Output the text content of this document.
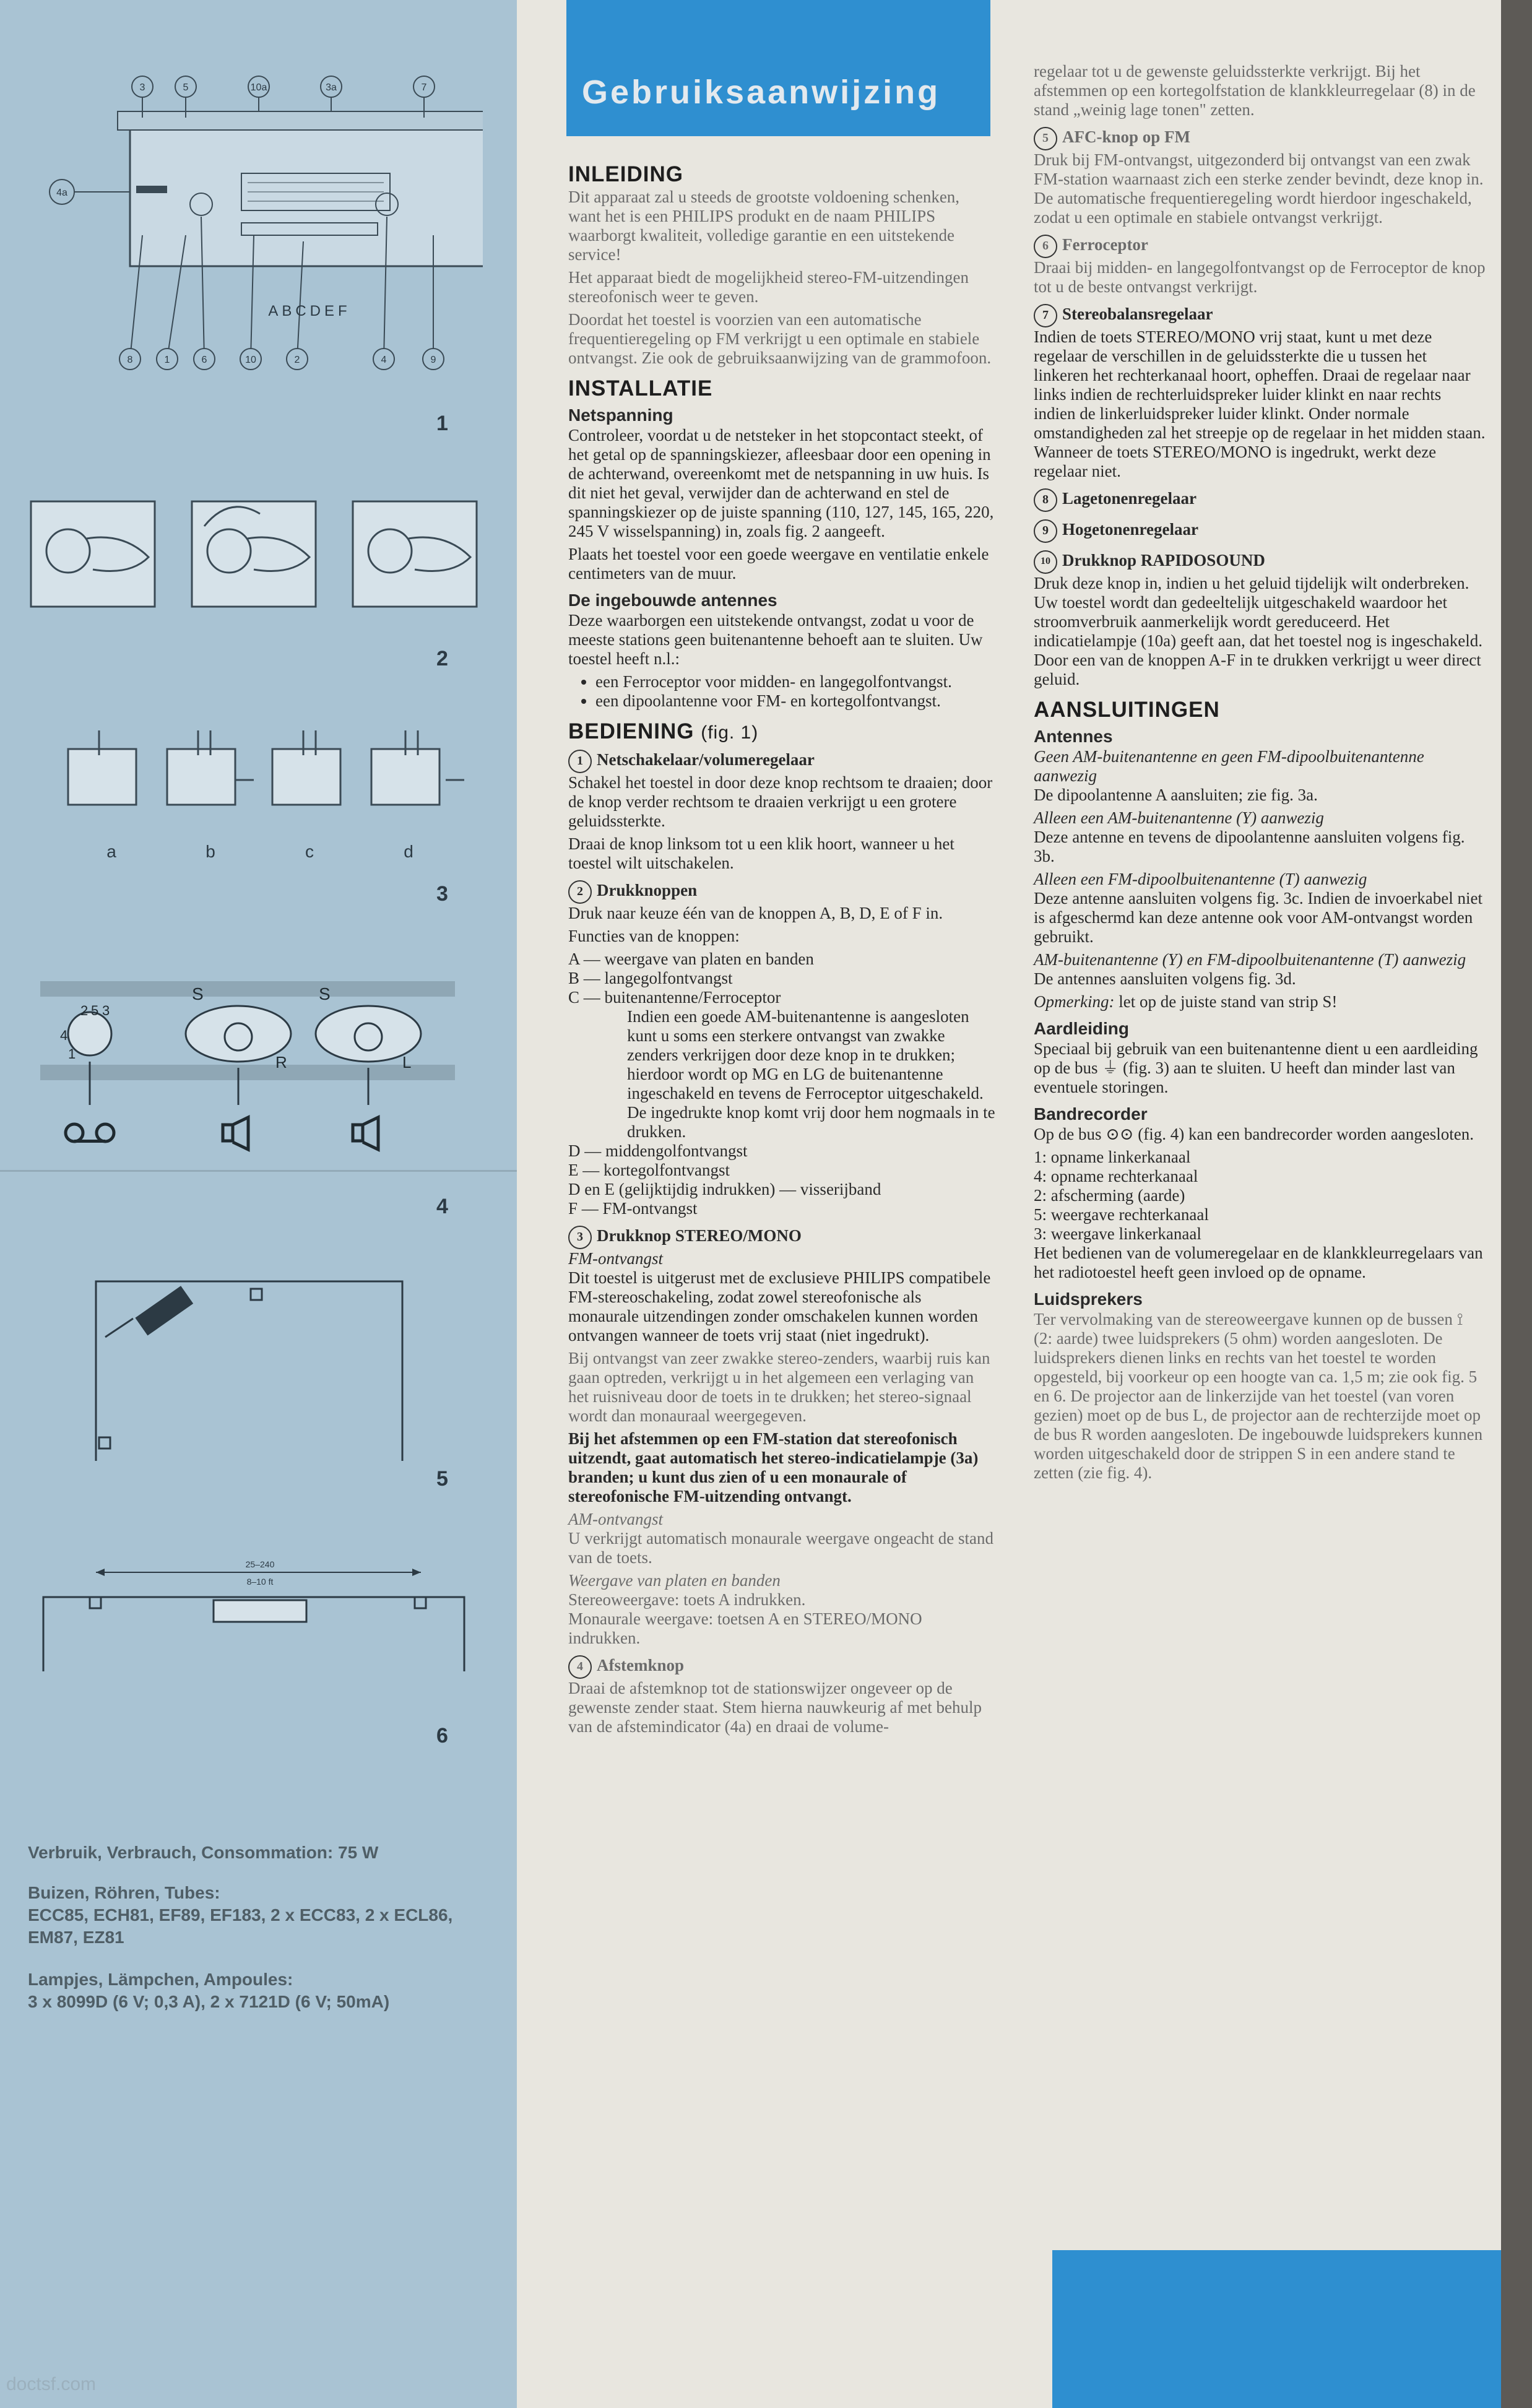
3	5	10a	3a	7
8	1	6	10	2	4	9
4a
ABCDEF
1
2
a	b	c	d
3
4
2 5 3
1
S	S
R	L
4
5
25–240
8–10 ft
6
Verbruik, Verbrauch, Consommation: 75 W
Buizen, Röhren, Tubes:
ECC85, ECH81, EF89, EF183, 2 x ECC83, 2 x ECL86, EM87, EZ81
Lampjes, Lämpchen, Ampoules:
3 x 8099D (6 V; 0,3 A), 2 x 7121D (6 V; 50mA)
doctsf.com
Gebruiksaanwijzing
INLEIDING
Dit apparaat zal u steeds de grootste voldoening schenken, want het is een PHILIPS produkt en de naam PHILIPS waarborgt kwaliteit, volledige garantie en een uitstekende service!
Het apparaat biedt de mogelijkheid stereo-FM-uitzendingen stereofonisch weer te geven.
Doordat het toestel is voorzien van een automatische frequentieregeling op FM verkrijgt u een optimale en stabiele ontvangst. Zie ook de gebruiksaanwijzing van de grammofoon.
INSTALLATIE
Netspanning
Controleer, voordat u de netsteker in het stopcontact steekt, of het getal op de spanningskiezer, afleesbaar door een opening in de achterwand, overeenkomt met de netspanning in uw huis. Is dit niet het geval, verwijder dan de achterwand en stel de spanningskiezer op de juiste spanning (110, 127, 145, 165, 220, 245 V wisselspanning) in, zoals fig. 2 aangeeft.
Plaats het toestel voor een goede weergave en ventilatie enkele centimeters van de muur.
De ingebouwde antennes
Deze waarborgen een uitstekende ontvangst, zodat u voor de meeste stations geen buitenantenne behoeft aan te sluiten. Uw toestel heeft n.l.:
• een Ferroceptor voor midden- en langegolfontvangst.
• een dipoolantenne voor FM- en kortegolfontvangst.
BEDIENING (fig. 1)
1 Netschakelaar/volumeregelaar
Schakel het toestel in door deze knop rechtsom te draaien; door de knop verder rechtsom te draaien verkrijgt u een grotere geluidssterkte.
Draai de knop linksom tot u een klik hoort, wanneer u het toestel wilt uitschakelen.
2 Drukknoppen
Druk naar keuze één van de knoppen A, B, D, E of F in.
Functies van de knoppen:
A — weergave van platen en banden
B — langegolfontvangst
C — buitenantenne/Ferroceptor
Indien een goede AM-buitenantenne is aangesloten kunt u soms een sterkere ontvangst van zwakke zenders verkrijgen door deze knop in te drukken; hierdoor wordt op MG en LG de buitenantenne ingeschakeld en tevens de Ferroceptor uitgeschakeld. De ingedrukte knop komt vrij door hem nogmaals in te drukken.
D — middengolfontvangst
E — kortegolfontvangst
D en E (gelijktijdig indrukken) — visserijband
F — FM-ontvangst
3 Drukknop STEREO/MONO
FM-ontvangst
Dit toestel is uitgerust met de exclusieve PHILIPS compatibele FM-stereoschakeling, zodat zowel stereofonische als monaurale uitzendingen zonder omschakelen kunnen worden ontvangen wanneer de toets vrij staat (niet ingedrukt).
Bij ontvangst van zeer zwakke stereo-zenders, waarbij ruis kan gaan optreden, verkrijgt u in het algemeen een verlaging van het ruisniveau door de toets in te drukken; het stereo-signaal wordt dan monauraal weergegeven.
Bij het afstemmen op een FM-station dat stereofonisch uitzendt, gaat automatisch het stereo-indicatielampje (3a) branden; u kunt dus zien of u een monaurale of stereofonische FM-uitzending ontvangt.
AM-ontvangst
U verkrijgt automatisch monaurale weergave ongeacht de stand van de toets.
Weergave van platen en banden
Stereoweergave: toets A indrukken.
Monaurale weergave: toetsen A en STEREO/MONO indrukken.
4 Afstemknop
Draai de afstemknop tot de stationswijzer ongeveer op de gewenste zender staat. Stem hierna nauwkeurig af met behulp van de afstemindicator (4a) en draai de volume-
regelaar tot u de gewenste geluidssterkte verkrijgt. Bij het afstemmen op een kortegolfstation de klankkleurregelaar (8) in de stand „weinig lage tonen" zetten.
5 AFC-knop op FM
Druk bij FM-ontvangst, uitgezonderd bij ontvangst van een zwak FM-station waarnaast zich een sterke zender bevindt, deze knop in. De automatische frequentieregeling wordt hierdoor ingeschakeld, zodat u een optimale en stabiele ontvangst verkrijgt.
6 Ferroceptor
Draai bij midden- en langegolfontvangst op de Ferroceptor de knop tot u de beste ontvangst verkrijgt.
7 Stereobalansregelaar
Indien de toets STEREO/MONO vrij staat, kunt u met deze regelaar de verschillen in de geluidssterkte die u tussen het linkeren het rechterkanaal hoort, opheffen. Draai de regelaar naar links indien de rechterluidspreker luider klinkt en naar rechts indien de linkerluidspreker luider klinkt. Onder normale omstandigheden zal het streepje op de regelaar in het midden staan. Wanneer de toets STEREO/MONO is ingedrukt, werkt deze regelaar niet.
8 Lagetonenregelaar
9 Hogetonenregelaar
10 Drukknop RAPIDOSOUND
Druk deze knop in, indien u het geluid tijdelijk wilt onderbreken. Uw toestel wordt dan gedeeltelijk uitgeschakeld waardoor het stroomverbruik aanmerkelijk wordt gereduceerd. Het indicatielampje (10a) geeft aan, dat het toestel nog is ingeschakeld. Door een van de knoppen A-F in te drukken verkrijgt u weer direct geluid.
AANSLUITINGEN
Antennes
Geen AM-buitenantenne en geen FM-dipoolbuitenantenne aanwezig
De dipoolantenne A aansluiten; zie fig. 3a.
Alleen een AM-buitenantenne (Y) aanwezig
Deze antenne en tevens de dipoolantenne aansluiten volgens fig. 3b.
Alleen een FM-dipoolbuitenantenne (T) aanwezig
Deze antenne aansluiten volgens fig. 3c. Indien de invoerkabel niet is afgeschermd kan deze antenne ook voor AM-ontvangst worden gebruikt.
AM-buitenantenne (Y) en FM-dipoolbuitenantenne (T) aanwezig
De antennes aansluiten volgens fig. 3d.
Opmerking: let op de juiste stand van strip S!
Aardleiding
Speciaal bij gebruik van een buitenantenne dient u een aardleiding op de bus ⏚ (fig. 3) aan te sluiten. U heeft dan minder last van eventuele storingen.
Bandrecorder
Op de bus ⊙⊙ (fig. 4) kan een bandrecorder worden aangesloten.
1: opname linkerkanaal
4: opname rechterkanaal
2: afscherming (aarde)
5: weergave rechterkanaal
3: weergave linkerkanaal
Het bedienen van de volumeregelaar en de klankkleurregelaars van het radiotoestel heeft geen invloed op de opname.
Luidsprekers
Ter vervolmaking van de stereoweergave kunnen op de bussen ⟟ (2: aarde) twee luidsprekers (5 ohm) worden aangesloten. De luidsprekers dienen links en rechts van het toestel te worden opgesteld, bij voorkeur op een hoogte van ca. 1,5 m; zie ook fig. 5 en 6. De projector aan de linkerzijde van het toestel (van voren gezien) moet op de bus L, de projector aan de rechterzijde moet op de bus R worden aangesloten. De ingebouwde luidsprekers kunnen worden uitgeschakeld door de strippen S in een andere stand te zetten (zie fig. 4).
